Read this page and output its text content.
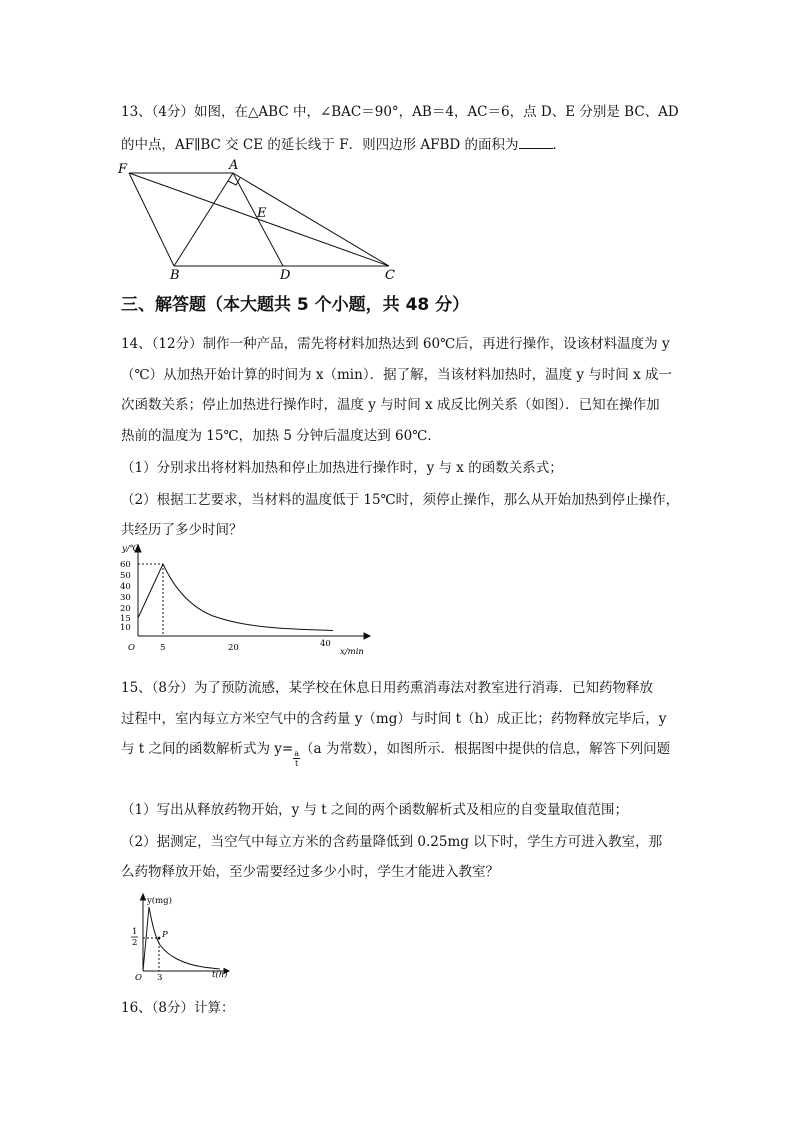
13、（4分）如图，在△ABC 中，∠BAC＝90°，AB＝4，AC＝6，点 D、E 分别是 BC、AD
的中点，AF∥BC 交 CE 的延长线于 F．则四边形 AFBD 的面积为	．
F	A
E
B	D	C
三、解答题（本大题共 5 个小题，共 48 分）
14、（12分）制作一种产品，需先将材料加热达到 60℃后，再进行操作，设该材料温度为 y
（℃）从加热开始计算的时间为 x（min）．据了解，当该材料加热时，温度 y 与时间 x 成一
次函数关系；停止加热进行操作时，温度 y 与时间 x 成反比例关系（如图）．已知在操作加
热前的温度为 15℃，加热 5 分钟后温度达到 60℃．
（1）分别求出将材料加热和停止加热进行操作时，y 与 x 的函数关系式；
（2）根据工艺要求，当材料的温度低于 15℃时，须停止操作，那么从开始加热到停止操作，
共经历了多少时间？
y/℃
60
50
40
30
20
15
10
O	5	20	40
x/min
15、（8分）为了预防流感，某学校在休息日用药熏消毒法对教室进行消毒．已知药物释放
过程中，室内每立方米空气中的含药量 y（mg）与时间 t（h）成正比；药物释放完毕后，y
与 t 之间的函数解析式为 $y= \frac{a}{t} (a$ 为常数），如图所示．根据图中提供的信息，解答下列问题
（1）写出从释放药物开始，y 与 t 之间的两个函数解析式及相应的自变量取值范围；
（2）据测定，当空气中每立方米的含药量降低到 0.25mg 以下时，学生方可进入教室，那
么药物释放开始，至少需要经过多少小时，学生才能进入教室？
y(mg)
1
2
P
O 3	t(h)
16、（8分）计算：
